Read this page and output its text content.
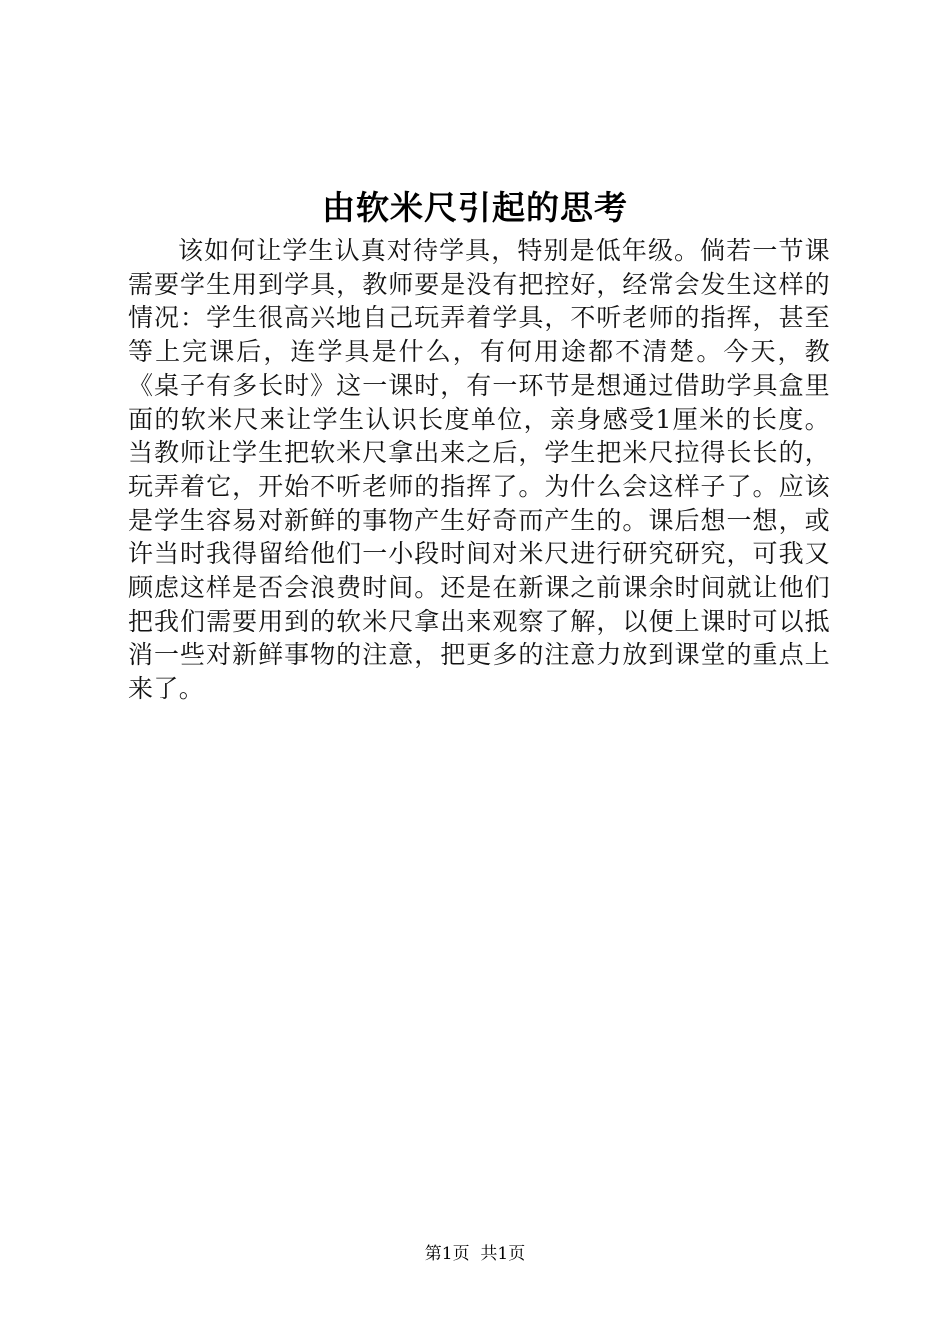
由软米尺引起的思考

该如何让学生认真对待学具，特别是低年级。倘若一节课需要学生用到学具，教师要是没有把控好，经常会发生这样的情况：学生很高兴地自己玩弄着学具，不听老师的指挥，甚至等上完课后，连学具是什么，有何用途都不清楚。今天，教《桌子有多长时》这一课时，有一环节是想通过借助学具盒里面的软米尺来让学生认识长度单位，亲身感受1厘米的长度。当教师让学生把软米尺拿出来之后，学生把米尺拉得长长的，玩弄着它，开始不听老师的指挥了。为什么会这样子了。应该是学生容易对新鲜的事物产生好奇而产生的。课后想一想，或许当时我得留给他们一小段时间对米尺进行研究研究，可我又顾虑这样是否会浪费时间。还是在新课之前课余时间就让他们把我们需要用到的软米尺拿出来观察了解，以便上课时可以抵消一些对新鲜事物的注意，把更多的注意力放到课堂的重点上来了。

第1页 共1页
